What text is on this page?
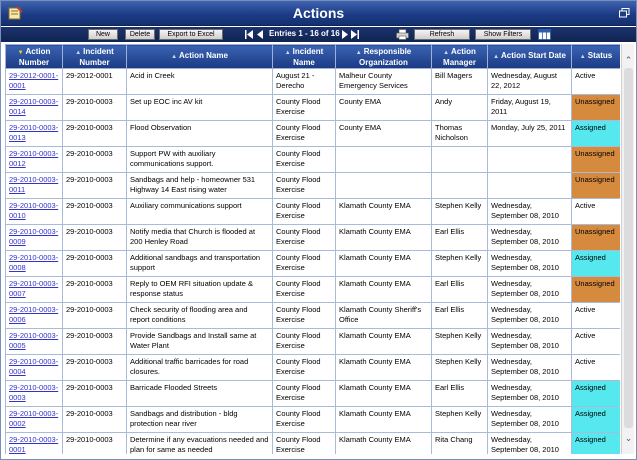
Actions
New	Delete	Export to Excel	Entries 1 - 16 of 16	Refresh	Show Filters
▼ Action Number	▲ Incident Number	▲ Action Name	▲ Incident Name	▲ Responsible Organization	▲ Action Manager	▲ Action Start Date	▲ Status
29-2012-0001-0001	29-2012-0001	Acid in Creek	August 21 - Derecho	Malheur County Emergency Services	Bill Magers	Wednesday, August 22, 2012	Active
29-2010-0003-0014	29-2010-0003	Set up EOC inc AV kit	County Flood Exercise	County EMA	Andy	Friday, August 19, 2011	Unassigned
29-2010-0003-0013	29-2010-0003	Flood Observation	County Flood Exercise	County EMA	Thomas Nicholson	Monday, July 25, 2011	Assigned
29-2010-0003-0012	29-2010-0003	Support PW with auxiliary communications support.	County Flood Exercise				Unassigned
29-2010-0003-0011	29-2010-0003	Sandbags and help - homeowner 531 Highway 14 East rising water	County Flood Exercise				Unassigned
29-2010-0003-0010	29-2010-0003	Auxiliary communications support	County Flood Exercise	Klamath County EMA	Stephen Kelly	Wednesday, September 08, 2010	Active
29-2010-0003-0009	29-2010-0003	Notify media that Church is flooded at 200 Henley Road	County Flood Exercise	Klamath County EMA	Earl Ellis	Wednesday, September 08, 2010	Unassigned
29-2010-0003-0008	29-2010-0003	Additional sandbags and transportation support	County Flood Exercise	Klamath County EMA	Stephen Kelly	Wednesday, September 08, 2010	Assigned
29-2010-0003-0007	29-2010-0003	Reply to OEM RFI situation update & response status	County Flood Exercise	Klamath County EMA	Earl Ellis	Wednesday, September 08, 2010	Unassigned
29-2010-0003-0006	29-2010-0003	Check security of flooding area and report conditions	County Flood Exercise	Klamath County Sheriff's Office	Earl Ellis	Wednesday, September 08, 2010	Active
29-2010-0003-0005	29-2010-0003	Provide Sandbags and Install same at Water Plant	County Flood Exercise	Klamath County EMA	Stephen Kelly	Wednesday, September 08, 2010	Active
29-2010-0003-0004	29-2010-0003	Additional traffic barricades for road closures.	County Flood Exercise	Klamath County EMA	Stephen Kelly	Wednesday, September 08, 2010	Active
29-2010-0003-0003	29-2010-0003	Barricade Flooded Streets	County Flood Exercise	Klamath County EMA	Earl Ellis	Wednesday, September 08, 2010	Assigned
29-2010-0003-0002	29-2010-0003	Sandbags and distribution - bldg protection near river	County Flood Exercise	Klamath County EMA	Stephen Kelly	Wednesday, September 08, 2010	Assigned
29-2010-0003-0001	29-2010-0003	Determine if any evacuations needed and plan for same as needed	County Flood Exercise	Klamath County EMA	Rita Chang	Wednesday, September 08, 2010	Assigned
⌃
⌄
